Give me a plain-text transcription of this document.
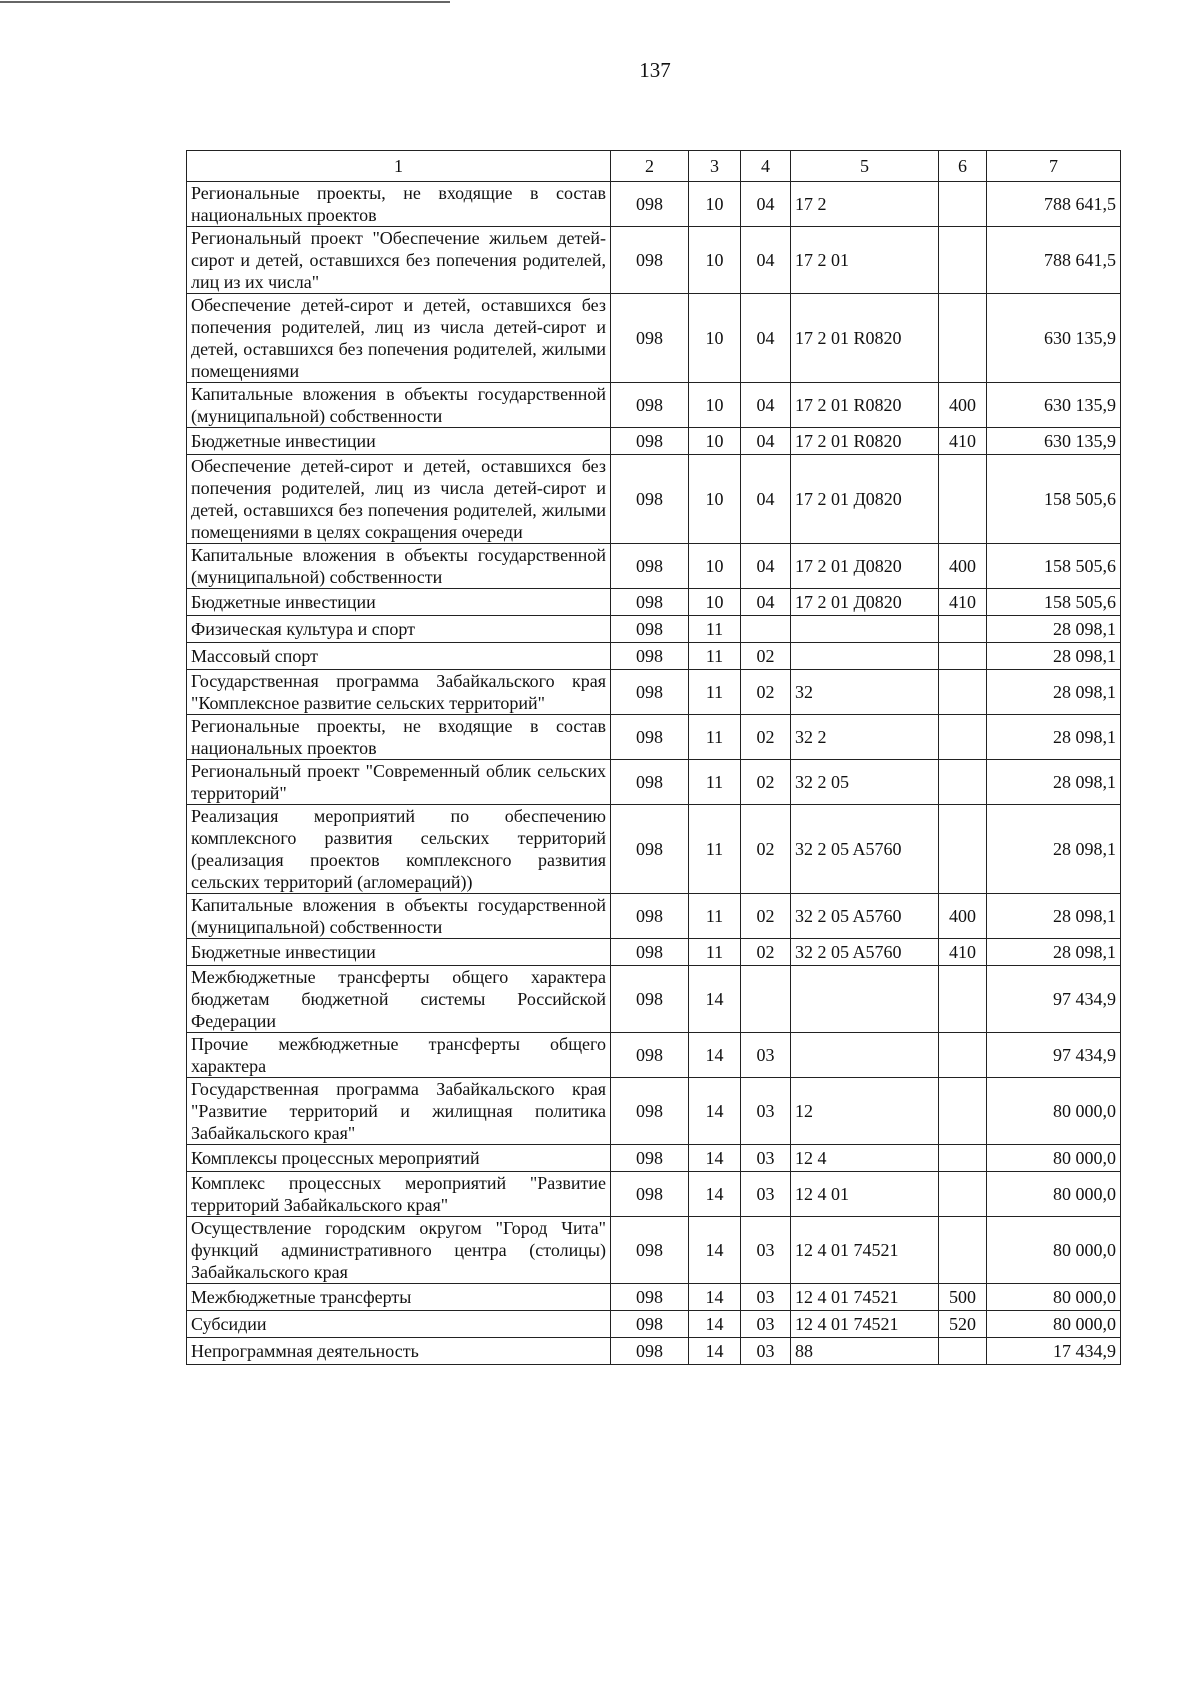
137
1	2	3	4	5	6	7
Региональные проекты, не входящие в состав национальных проектов	098	10	04	17 2		788 641,5
Региональный проект "Обеспечение жильем детей-сирот и детей, оставшихся без попечения родителей, лиц из их числа"	098	10	04	17 2 01		788 641,5
Обеспечение детей-сирот и детей, оставшихся без попечения родителей, лиц из числа детей-сирот и детей, оставшихся без попечения родителей, жилыми помещениями	098	10	04	17 2 01 R0820		630 135,9
Капитальные вложения в объекты государственной (муниципальной) собственности	098	10	04	17 2 01 R0820	400	630 135,9
Бюджетные инвестиции	098	10	04	17 2 01 R0820	410	630 135,9
Обеспечение детей-сирот и детей, оставшихся без попечения родителей, лиц из числа детей-сирот и детей, оставшихся без попечения родителей, жилыми помещениями в целях сокращения очереди	098	10	04	17 2 01 Д0820		158 505,6
Капитальные вложения в объекты государственной (муниципальной) собственности	098	10	04	17 2 01 Д0820	400	158 505,6
Бюджетные инвестиции	098	10	04	17 2 01 Д0820	410	158 505,6
Физическая культура и спорт	098	11				28 098,1
Массовый спорт	098	11	02			28 098,1
Государственная программа Забайкальского края "Комплексное развитие сельских территорий"	098	11	02	32		28 098,1
Региональные проекты, не входящие в состав национальных проектов	098	11	02	32 2		28 098,1
Региональный проект "Современный облик сельских территорий"	098	11	02	32 2 05		28 098,1
Реализация мероприятий по обеспечению комплексного развития сельских территорий (реализация проектов комплексного развития сельских территорий (агломераций))	098	11	02	32 2 05 A5760		28 098,1
Капитальные вложения в объекты государственной (муниципальной) собственности	098	11	02	32 2 05 A5760	400	28 098,1
Бюджетные инвестиции	098	11	02	32 2 05 A5760	410	28 098,1
Межбюджетные трансферты общего характера бюджетам бюджетной системы Российской Федерации	098	14				97 434,9
Прочие межбюджетные трансферты общего характера	098	14	03			97 434,9
Государственная программа Забайкальского края "Развитие территорий и жилищная политика Забайкальского края"	098	14	03	12		80 000,0
Комплексы процессных мероприятий	098	14	03	12 4		80 000,0
Комплекс процессных мероприятий "Развитие территорий Забайкальского края"	098	14	03	12 4 01		80 000,0
Осуществление городским округом "Город Чита" функций административного центра (столицы) Забайкальского края	098	14	03	12 4 01 74521		80 000,0
Межбюджетные трансферты	098	14	03	12 4 01 74521	500	80 000,0
Субсидии	098	14	03	12 4 01 74521	520	80 000,0
Непрограммная деятельность	098	14	03	88		17 434,9
